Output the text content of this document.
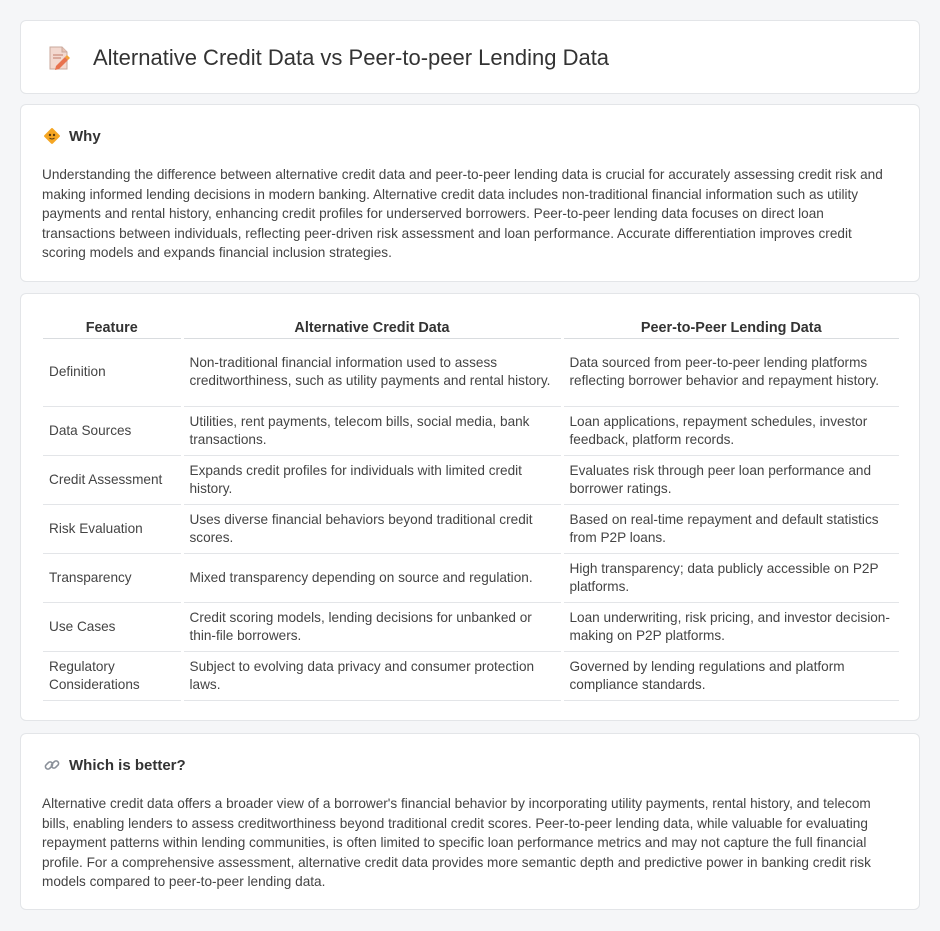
Alternative Credit Data vs Peer-to-peer Lending Data
Why

Understanding the difference between alternative credit data and peer-to-peer lending data is crucial for accurately assessing credit risk and making informed lending decisions in modern banking. Alternative credit data includes non-traditional financial information such as utility payments and rental history, enhancing credit profiles for underserved borrowers. Peer-to-peer lending data focuses on direct loan transactions between individuals, reflecting peer-driven risk assessment and loan performance. Accurate differentiation improves credit scoring models and expands financial inclusion strategies.

Feature	Alternative Credit Data	Peer-to-Peer Lending Data
Definition	Non-traditional financial information used to assess creditworthiness, such as utility payments and rental history.	Data sourced from peer-to-peer lending platforms reflecting borrower behavior and repayment history.
Data Sources	Utilities, rent payments, telecom bills, social media, bank transactions.	Loan applications, repayment schedules, investor feedback, platform records.
Credit Assessment	Expands credit profiles for individuals with limited credit history.	Evaluates risk through peer loan performance and borrower ratings.
Risk Evaluation	Uses diverse financial behaviors beyond traditional credit scores.	Based on real-time repayment and default statistics from P2P loans.
Transparency	Mixed transparency depending on source and regulation.	High transparency; data publicly accessible on P2P platforms.
Use Cases	Credit scoring models, lending decisions for unbanked or thin-file borrowers.	Loan underwriting, risk pricing, and investor decision-making on P2P platforms.
Regulatory Considerations	Subject to evolving data privacy and consumer protection laws.	Governed by lending regulations and platform compliance standards.
Which is better?

Alternative credit data offers a broader view of a borrower's financial behavior by incorporating utility payments, rental history, and telecom bills, enabling lenders to assess creditworthiness beyond traditional credit scores. Peer-to-peer lending data, while valuable for evaluating repayment patterns within lending communities, is often limited to specific loan performance metrics and may not capture the full financial profile. For a comprehensive assessment, alternative credit data provides more semantic depth and predictive power in banking credit risk models compared to peer-to-peer lending data.
